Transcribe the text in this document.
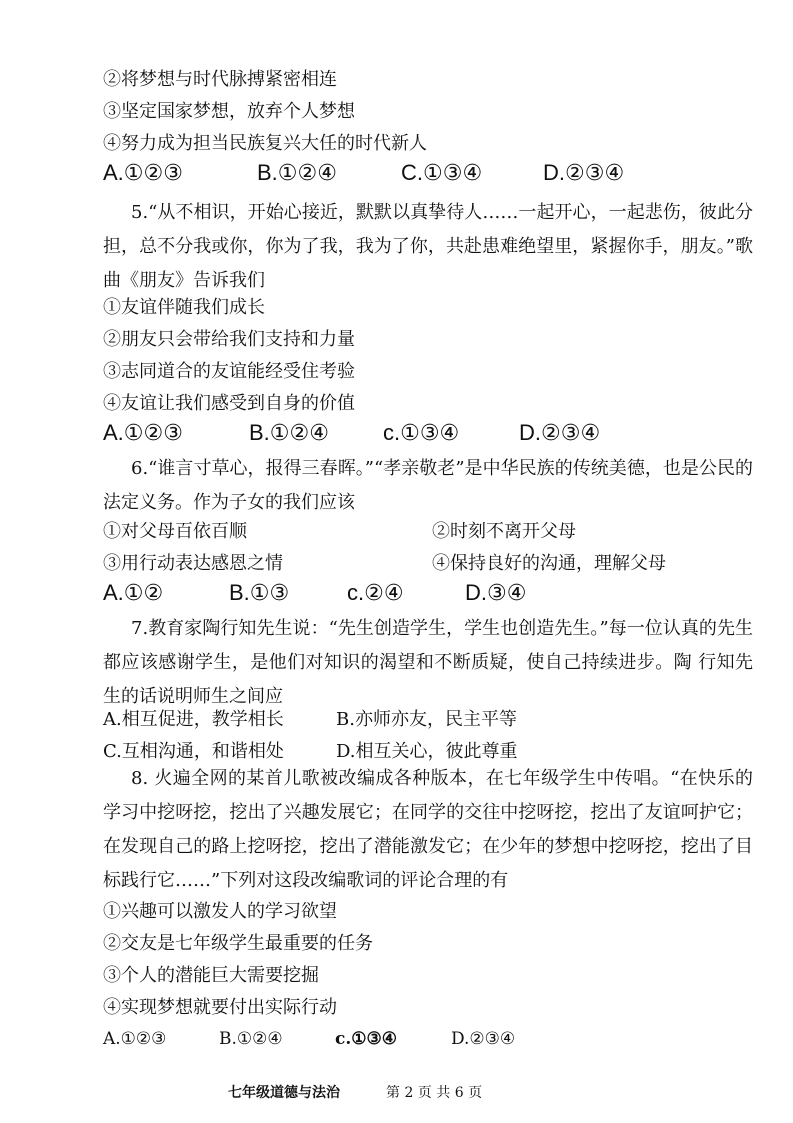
②将梦想与时代脉搏紧密相连
③坚定国家梦想，放弃个人梦想
④努力成为担当民族复兴大任的时代新人
A.①②③	B.①②④	C.①③④	D.②③④
5.“从不相识，开始心接近，默默以真挚待人……一起开心，一起悲伤，彼此分担，总不分我或你，你为了我，我为了你，共赴患难绝望里，紧握你手，朋友。”歌曲《朋友》告诉我们
①友谊伴随我们成长
②朋友只会带给我们支持和力量
③志同道合的友谊能经受住考验
④友谊让我们感受到自身的价值
A.①②③	B.①②④ c.①③④	D.②③④
6.“谁言寸草心，报得三春晖。”“孝亲敬老”是中华民族的传统美德，也是公民的法定义务。作为子女的我们应该
①对父母百依百顺	②时刻不离开父母
③用行动表达感恩之情	④保持良好的沟通，理解父母
A.①②	B.①③	c.②④	D.③④
7.教育家陶行知先生说：“先生创造学生，学生也创造先生。”每一位认真的先生都应该感谢学生，是他们对知识的渴望和不断质疑，使自己持续进步。陶 行知先生的话说明师生之间应
A.相互促进，教学相长	B.亦师亦友，民主平等
C.互相沟通，和谐相处	D.相互关心，彼此尊重
8. 火遍全网的某首儿歌被改编成各种版本，在七年级学生中传唱。“在快乐的学习中挖呀挖，挖出了兴趣发展它；在同学的交往中挖呀挖，挖出了友谊呵护它；在发现自己的路上挖呀挖，挖出了潜能激发它；在少年的梦想中挖呀挖，挖出了目标践行它……”下列对这段改编歌词的评论合理的有
①兴趣可以激发人的学习欲望
②交友是七年级学生最重要的任务
③个人的潜能巨大需要挖掘
④实现梦想就要付出实际行动
A.①②③	B.①②④	c.①③④	D.②③④
七年级道德与法治	第 2 页 共 6 页
